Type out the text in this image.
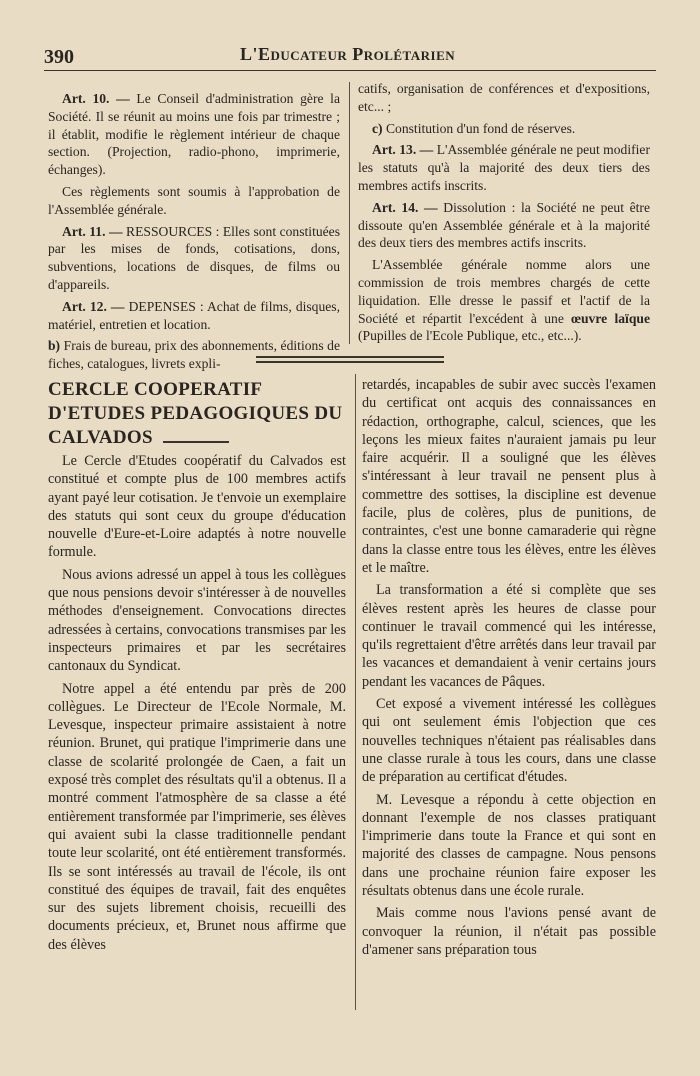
390	L'Educateur Prolétarien

Art. 10. — Le Conseil d'administration gère la Société. Il se réunit au moins une fois par trimestre ; il établit, modifie le règlement intérieur de chaque section. (Projection, radio-phono, imprimerie, échanges).

Ces règlements sont soumis à l'approbation de l'Assemblée générale.

Art. 11. — RESSOURCES : Elles sont constituées par les mises de fonds, cotisations, dons, subventions, locations de disques, de films ou d'appareils.

Art. 12. — DEPENSES : Achat de films, disques, matériel, entretien et location.

b) Frais de bureau, prix des abonnements, éditions de fiches, catalogues, livrets expli-

catifs, organisation de conférences et d'expositions, etc... ;

c) Constitution d'un fond de réserves.

Art. 13. — L'Assemblée générale ne peut modifier les statuts qu'à la majorité des deux tiers des membres actifs inscrits.

Art. 14. — Dissolution : la Société ne peut être dissoute qu'en Assemblée générale et à la majorité des deux tiers des membres actifs inscrits.

L'Assemblée générale nomme alors une commission de trois membres chargés de cette liquidation. Elle dresse le passif et l'actif de la Société et répartit l'excédent à une œuvre laïque (Pupilles de l'Ecole Publique, etc., etc...).

CERCLE COOPERATIF D'ETUDES PEDAGOGIQUES DU CALVADOS

Le Cercle d'Etudes coopératif du Calvados est constitué et compte plus de 100 membres actifs ayant payé leur cotisation. Je t'envoie un exemplaire des statuts qui sont ceux du groupe d'éducation nouvelle d'Eure-et-Loire adaptés à notre nouvelle formule.

Nous avions adressé un appel à tous les collègues que nous pensions devoir s'intéresser à de nouvelles méthodes d'enseignement. Convocations directes adressées à certains, convocations transmises par les inspecteurs primaires et par les secrétaires cantonaux du Syndicat.

Notre appel a été entendu par près de 200 collègues. Le Directeur de l'Ecole Normale, M. Levesque, inspecteur primaire assistaient à notre réunion. Brunet, qui pratique l'imprimerie dans une classe de scolarité prolongée de Caen, a fait un exposé très complet des résultats qu'il a obtenus. Il a montré comment l'atmosphère de sa classe a été entièrement transformée par l'imprimerie, ses élèves qui avaient subi la classe traditionnelle pendant toute leur scolarité, ont été entièrement transformés. Ils se sont intéressés au travail de l'école, ils ont constitué des équipes de travail, fait des enquêtes sur des sujets librement choisis, recueilli des documents précieux, et, Brunet nous affirme que des élèves

retardés, incapables de subir avec succès l'examen du certificat ont acquis des connaissances en rédaction, orthographe, calcul, sciences, que les leçons les mieux faites n'auraient jamais pu leur faire acquérir. Il a souligné que les élèves s'intéressant à leur travail ne pensent plus à commettre des sottises, la discipline est devenue facile, plus de colères, plus de punitions, de contraintes, c'est une bonne camaraderie qui règne dans la classe entre tous les élèves, entre les élèves et le maître.

La transformation a été si complète que ses élèves restent après les heures de classe pour continuer le travail commencé qui les intéresse, qu'ils regrettaient d'être arrêtés dans leur travail par les vacances et demandaient à venir certains jours pendant les vacances de Pâques.

Cet exposé a vivement intéressé les collègues qui ont seulement émis l'objection que ces nouvelles techniques n'étaient pas réalisables dans une classe rurale à tous les cours, dans une classe de préparation au certificat d'études.

M. Levesque a répondu à cette objection en donnant l'exemple de nos classes pratiquant l'imprimerie dans toute la France et qui sont en majorité des classes de campagne. Nous pensons dans une prochaine réunion faire exposer les résultats obtenus dans une école rurale.

Mais comme nous l'avions pensé avant de convoquer la réunion, il n'était pas possible d'amener sans préparation tous
